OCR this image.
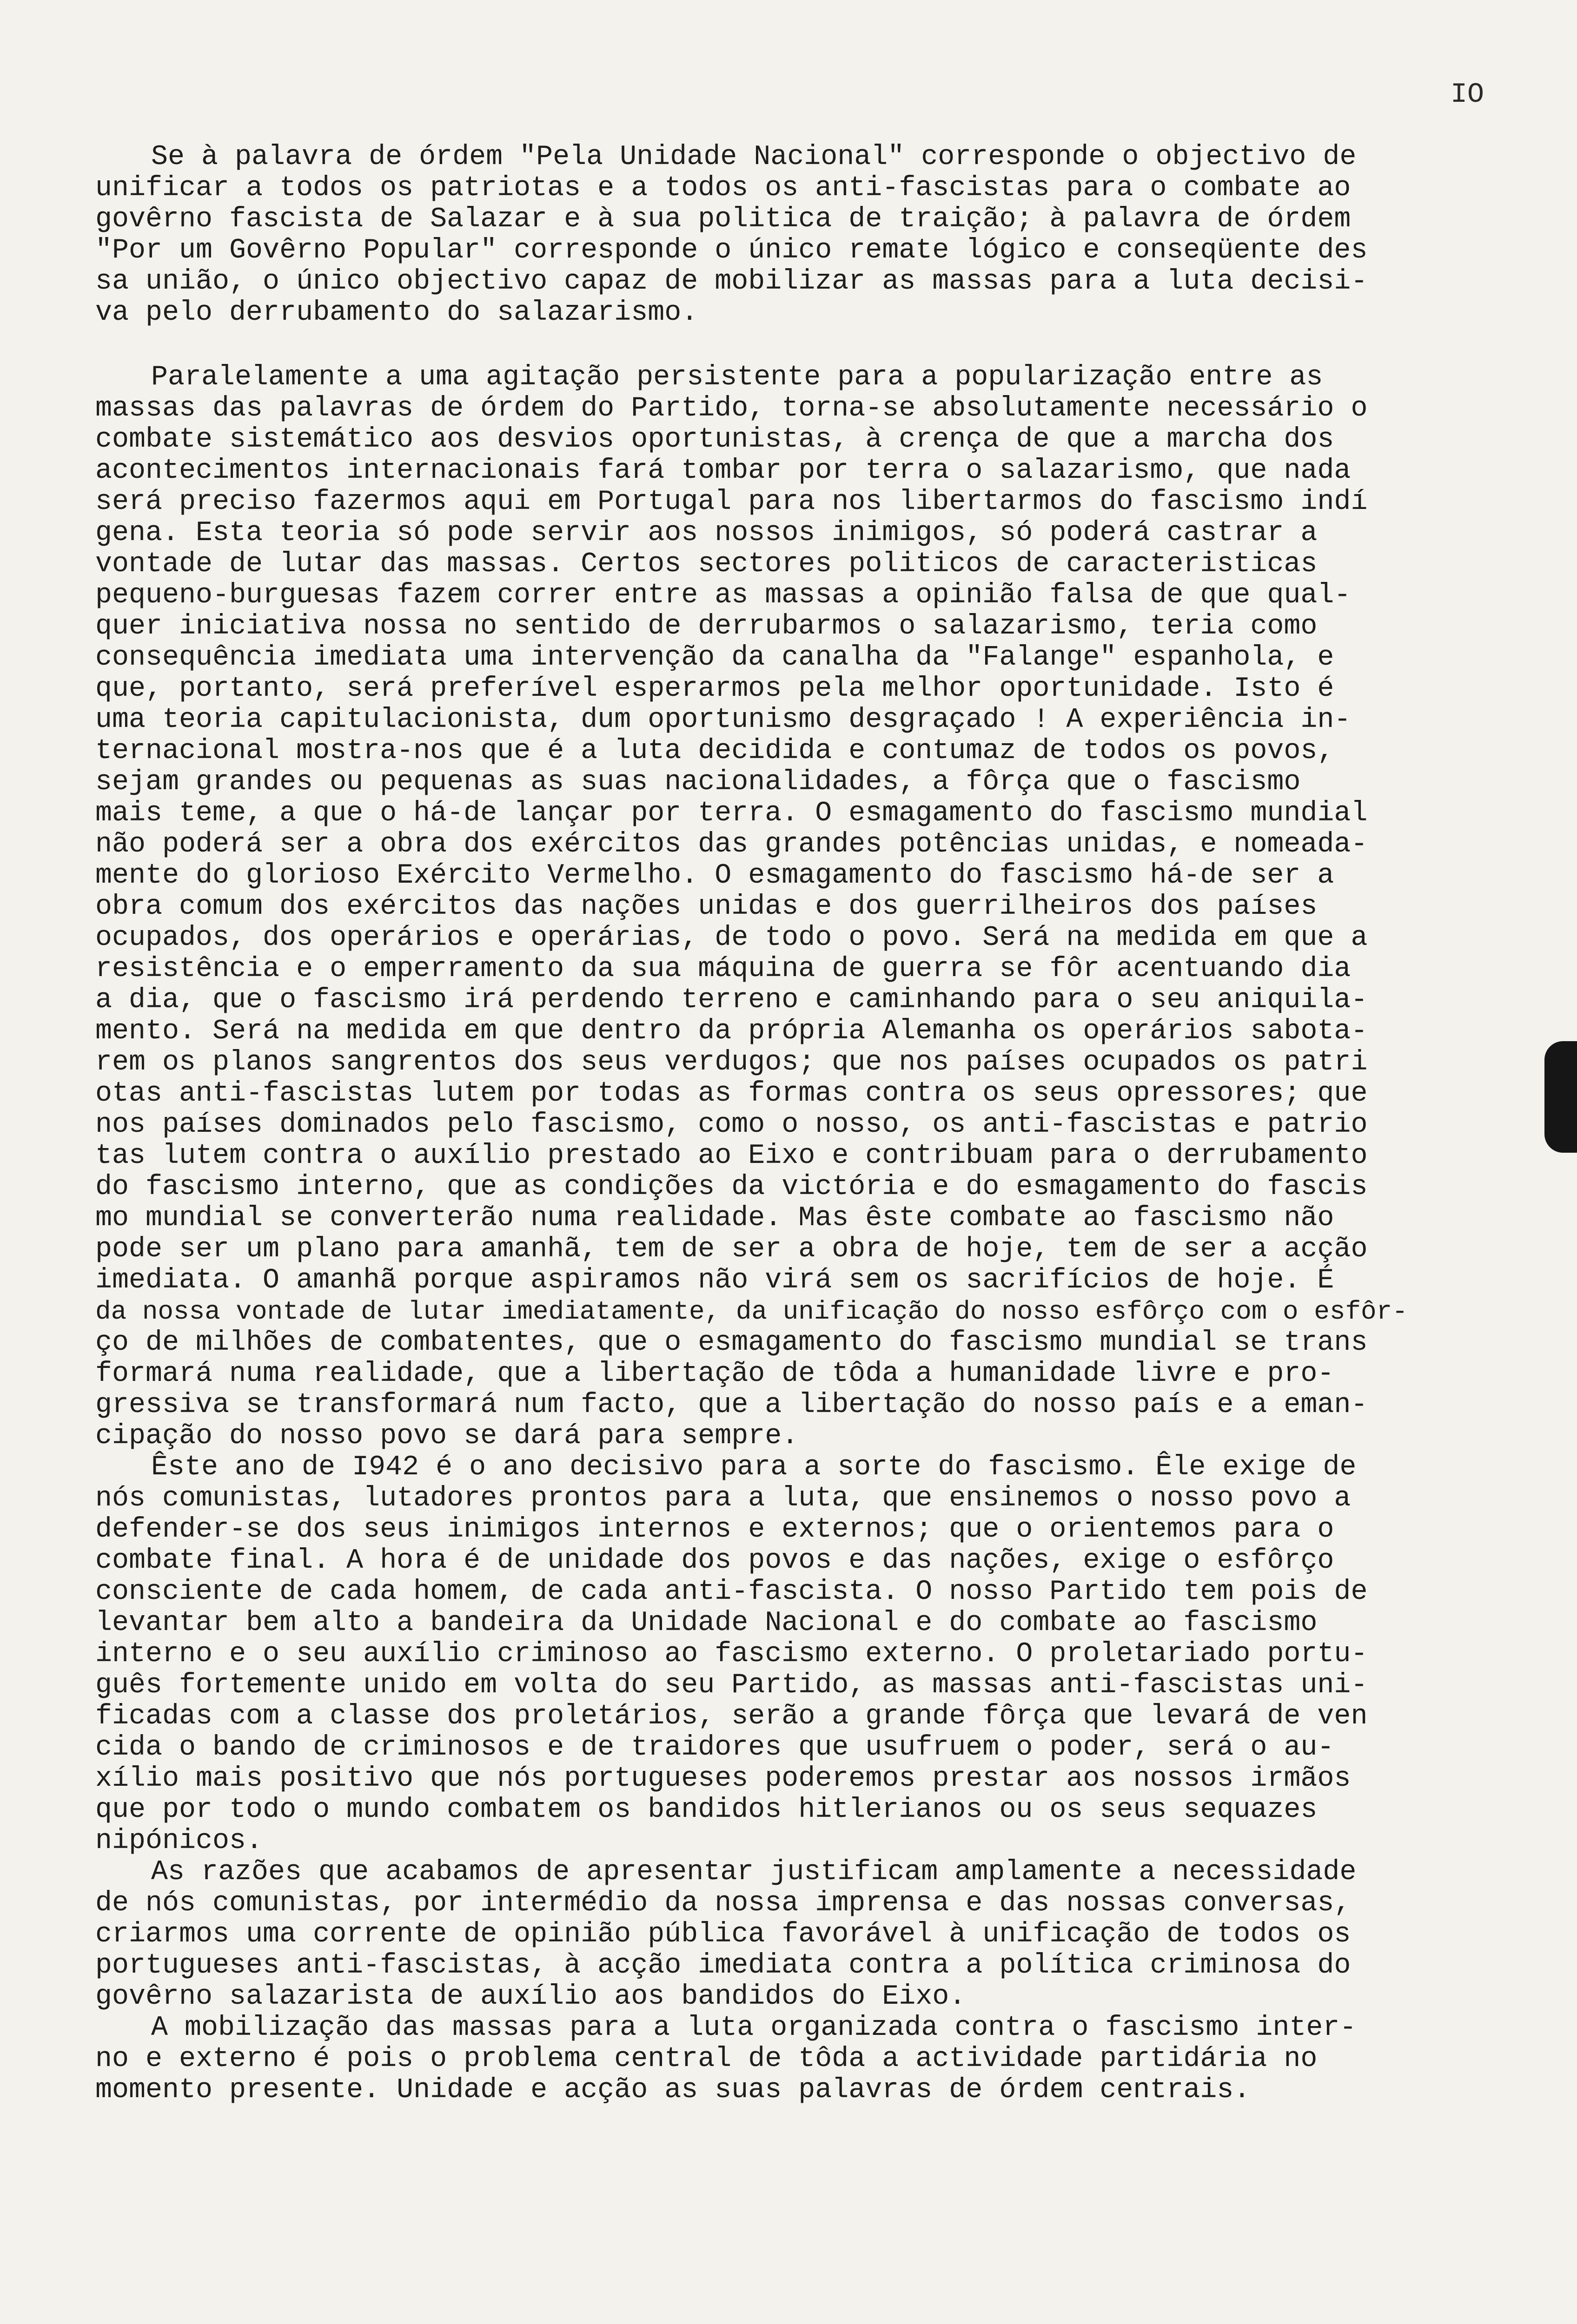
IO

Se à palavra de órdem "Pela Unidade Nacional" corresponde o objectivo de
unificar a todos os patriotas e a todos os anti-fascistas para o combate ao
govêrno fascista de Salazar e à sua politica de traição; à palavra de órdem
"Por um Govêrno Popular" corresponde o único remate lógico e conseqüente des
sa união, o único objectivo capaz de mobilizar as massas para a luta decisi-
va pelo derrubamento do salazarismo.

Paralelamente a uma agitação persistente para a popularização entre as
massas das palavras de órdem do Partido, torna-se absolutamente necessário o
combate sistemático aos desvios oportunistas, à crença de que a marcha dos
acontecimentos internacionais fará tombar por terra o salazarismo, que nada
será preciso fazermos aqui em Portugal para nos libertarmos do fascismo indí
gena. Esta teoria só pode servir aos nossos inimigos, só poderá castrar a
vontade de lutar das massas. Certos sectores politicos de caracteristicas
pequeno-burguesas fazem correr entre as massas a opinião falsa de que qual-
quer iniciativa nossa no sentido de derrubarmos o salazarismo, teria como
consequência imediata uma intervenção da canalha da "Falange" espanhola, e
que, portanto, será preferível esperarmos pela melhor oportunidade. Isto é
uma teoria capitulacionista, dum oportunismo desgraçado ! A experiência in-
ternacional mostra-nos que é a luta decidida e contumaz de todos os povos,
sejam grandes ou pequenas as suas nacionalidades, a fôrça que o fascismo
mais teme, a que o há-de lançar por terra. O esmagamento do fascismo mundial
não poderá ser a obra dos exércitos das grandes potências unidas, e nomeada-
mente do glorioso Exército Vermelho. O esmagamento do fascismo há-de ser a
obra comum dos exércitos das nações unidas e dos guerrilheiros dos países
ocupados, dos operários e operárias, de todo o povo. Será na medida em que a
resistência e o emperramento da sua máquina de guerra se fôr acentuando dia
a dia, que o fascismo irá perdendo terreno e caminhando para o seu aniquila-
mento. Será na medida em que dentro da própria Alemanha os operários sabota-
rem os planos sangrentos dos seus verdugos; que nos países ocupados os patri
otas anti-fascistas lutem por todas as formas contra os seus opressores; que
nos países dominados pelo fascismo, como o nosso, os anti-fascistas e patrio
tas lutem contra o auxílio prestado ao Eixo e contribuam para o derrubamento
do fascismo interno, que as condições da victória e do esmagamento do fascis
mo mundial se converterão numa realidade. Mas êste combate ao fascismo não
pode ser um plano para amanhã, tem de ser a obra de hoje, tem de ser a acção
imediata. O amanhã porque aspiramos não virá sem os sacrifícios de hoje. É
da nossa vontade de lutar imediatamente, da unificação do nosso esfôrço com o esfôr-
ço de milhões de combatentes, que o esmagamento do fascismo mundial se trans
formará numa realidade, que a libertação de tôda a humanidade livre e pro-
gressiva se transformará num facto, que a libertação do nosso país e a eman-
cipação do nosso povo se dará para sempre.

Êste ano de I942 é o ano decisivo para a sorte do fascismo. Êle exige de
nós comunistas, lutadores prontos para a luta, que ensinemos o nosso povo a
defender-se dos seus inimigos internos e externos; que o orientemos para o
combate final. A hora é de unidade dos povos e das nações, exige o esfôrço
consciente de cada homem, de cada anti-fascista. O nosso Partido tem pois de
levantar bem alto a bandeira da Unidade Nacional e do combate ao fascismo
interno e o seu auxílio criminoso ao fascismo externo. O proletariado portu-
guês fortemente unido em volta do seu Partido, as massas anti-fascistas uni-
ficadas com a classe dos proletários, serão a grande fôrça que levará de ven
cida o bando de criminosos e de traidores que usufruem o poder, será o au-
xílio mais positivo que nós portugueses poderemos prestar aos nossos irmãos
que por todo o mundo combatem os bandidos hitlerianos ou os seus sequazes
nipónicos.

As razões que acabamos de apresentar justificam amplamente a necessidade
de nós comunistas, por intermédio da nossa imprensa e das nossas conversas,
criarmos uma corrente de opinião pública favorável à unificação de todos os
portugueses anti-fascistas, à acção imediata contra a política criminosa do
govêrno salazarista de auxílio aos bandidos do Eixo.

A mobilização das massas para a luta organizada contra o fascismo inter-
no e externo é pois o problema central de tôda a actividade partidária no
momento presente. Unidade e acção as suas palavras de órdem centrais.
